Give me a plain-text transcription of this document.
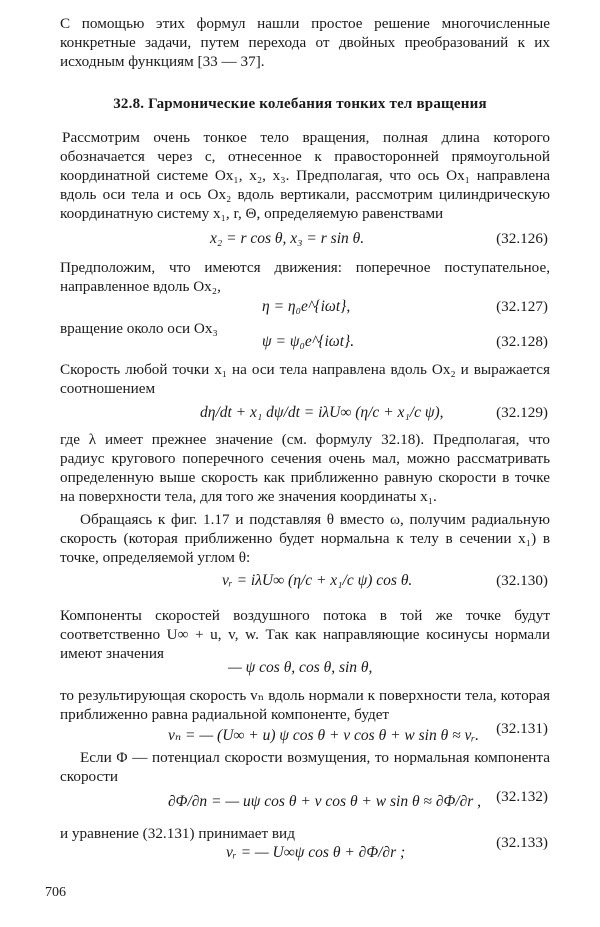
С помощью этих формул нашли простое решение многочисленные конкретные задачи, путем перехода от двойных преобразований к их исходным функциям [33 — 37].

32.8. Гармонические колебания тонких тел вращения

Рассмотрим очень тонкое тело вращения, полная длина которого обозначается через c, отнесенное к правосторонней прямоугольной координатной системе Ox₁, x₂, x₃. Предполагая, что ось Ox₁ направлена вдоль оси тела и ось Ox₂ вдоль вертикали, рассмотрим цилиндрическую координатную систему x₁, r, Θ, определяемую равенствами

x₂ = r cos θ, x₃ = r sin θ.	(32.126)

Предположим, что имеются движения: поперечное поступательное, направленное вдоль Ox₂,

η = η₀e^{iωt},	(32.127)

вращение около оси Ox₃

ψ = ψ₀e^{iωt}.	(32.128)

Скорость любой точки x₁ на оси тела направлена вдоль Ox₂ и выражается соотношением

dη/dt + x₁ dψ/dt = iλU∞ (η/c + x₁/c ψ),	(32.129)

где λ имеет прежнее значение (см. формулу 32.18). Предполагая, что радиус кругового поперечного сечения очень мал, можно рассматривать определенную выше скорость как приближенно равную скорости в точке на поверхности тела, для того же значения координаты x₁.

Обращаясь к фиг. 1.17 и подставляя θ вместо ω, получим радиальную скорость (которая приближенно будет нормальна к телу в сечении x₁) в точке, определяемой углом θ:

vᵣ = iλU∞ (η/c + x₁/c ψ) cos θ.	(32.130)

Компоненты скоростей воздушного потока в той же точке будут соответственно U∞ + u, v, w. Так как направляющие косинусы нормали имеют значения

— ψ cos θ, cos θ, sin θ,

то результирующая скорость vₙ вдоль нормали к поверхности тела, которая приближенно равна радиальной компоненте, будет

vₙ = — (U∞ + u) ψ cos θ + v cos θ + w sin θ ≈ vᵣ. (32.131)

Если Φ — потенциал скорости возмущения, то нормальная компонента скорости

∂Φ/∂n = — uψ cos θ + v cos θ + w sin θ ≈ ∂Φ/∂r , (32.132)

и уравнение (32.131) принимает вид

vᵣ = — U∞ψ cos θ + ∂Φ/∂r ;
(32.133)
706
